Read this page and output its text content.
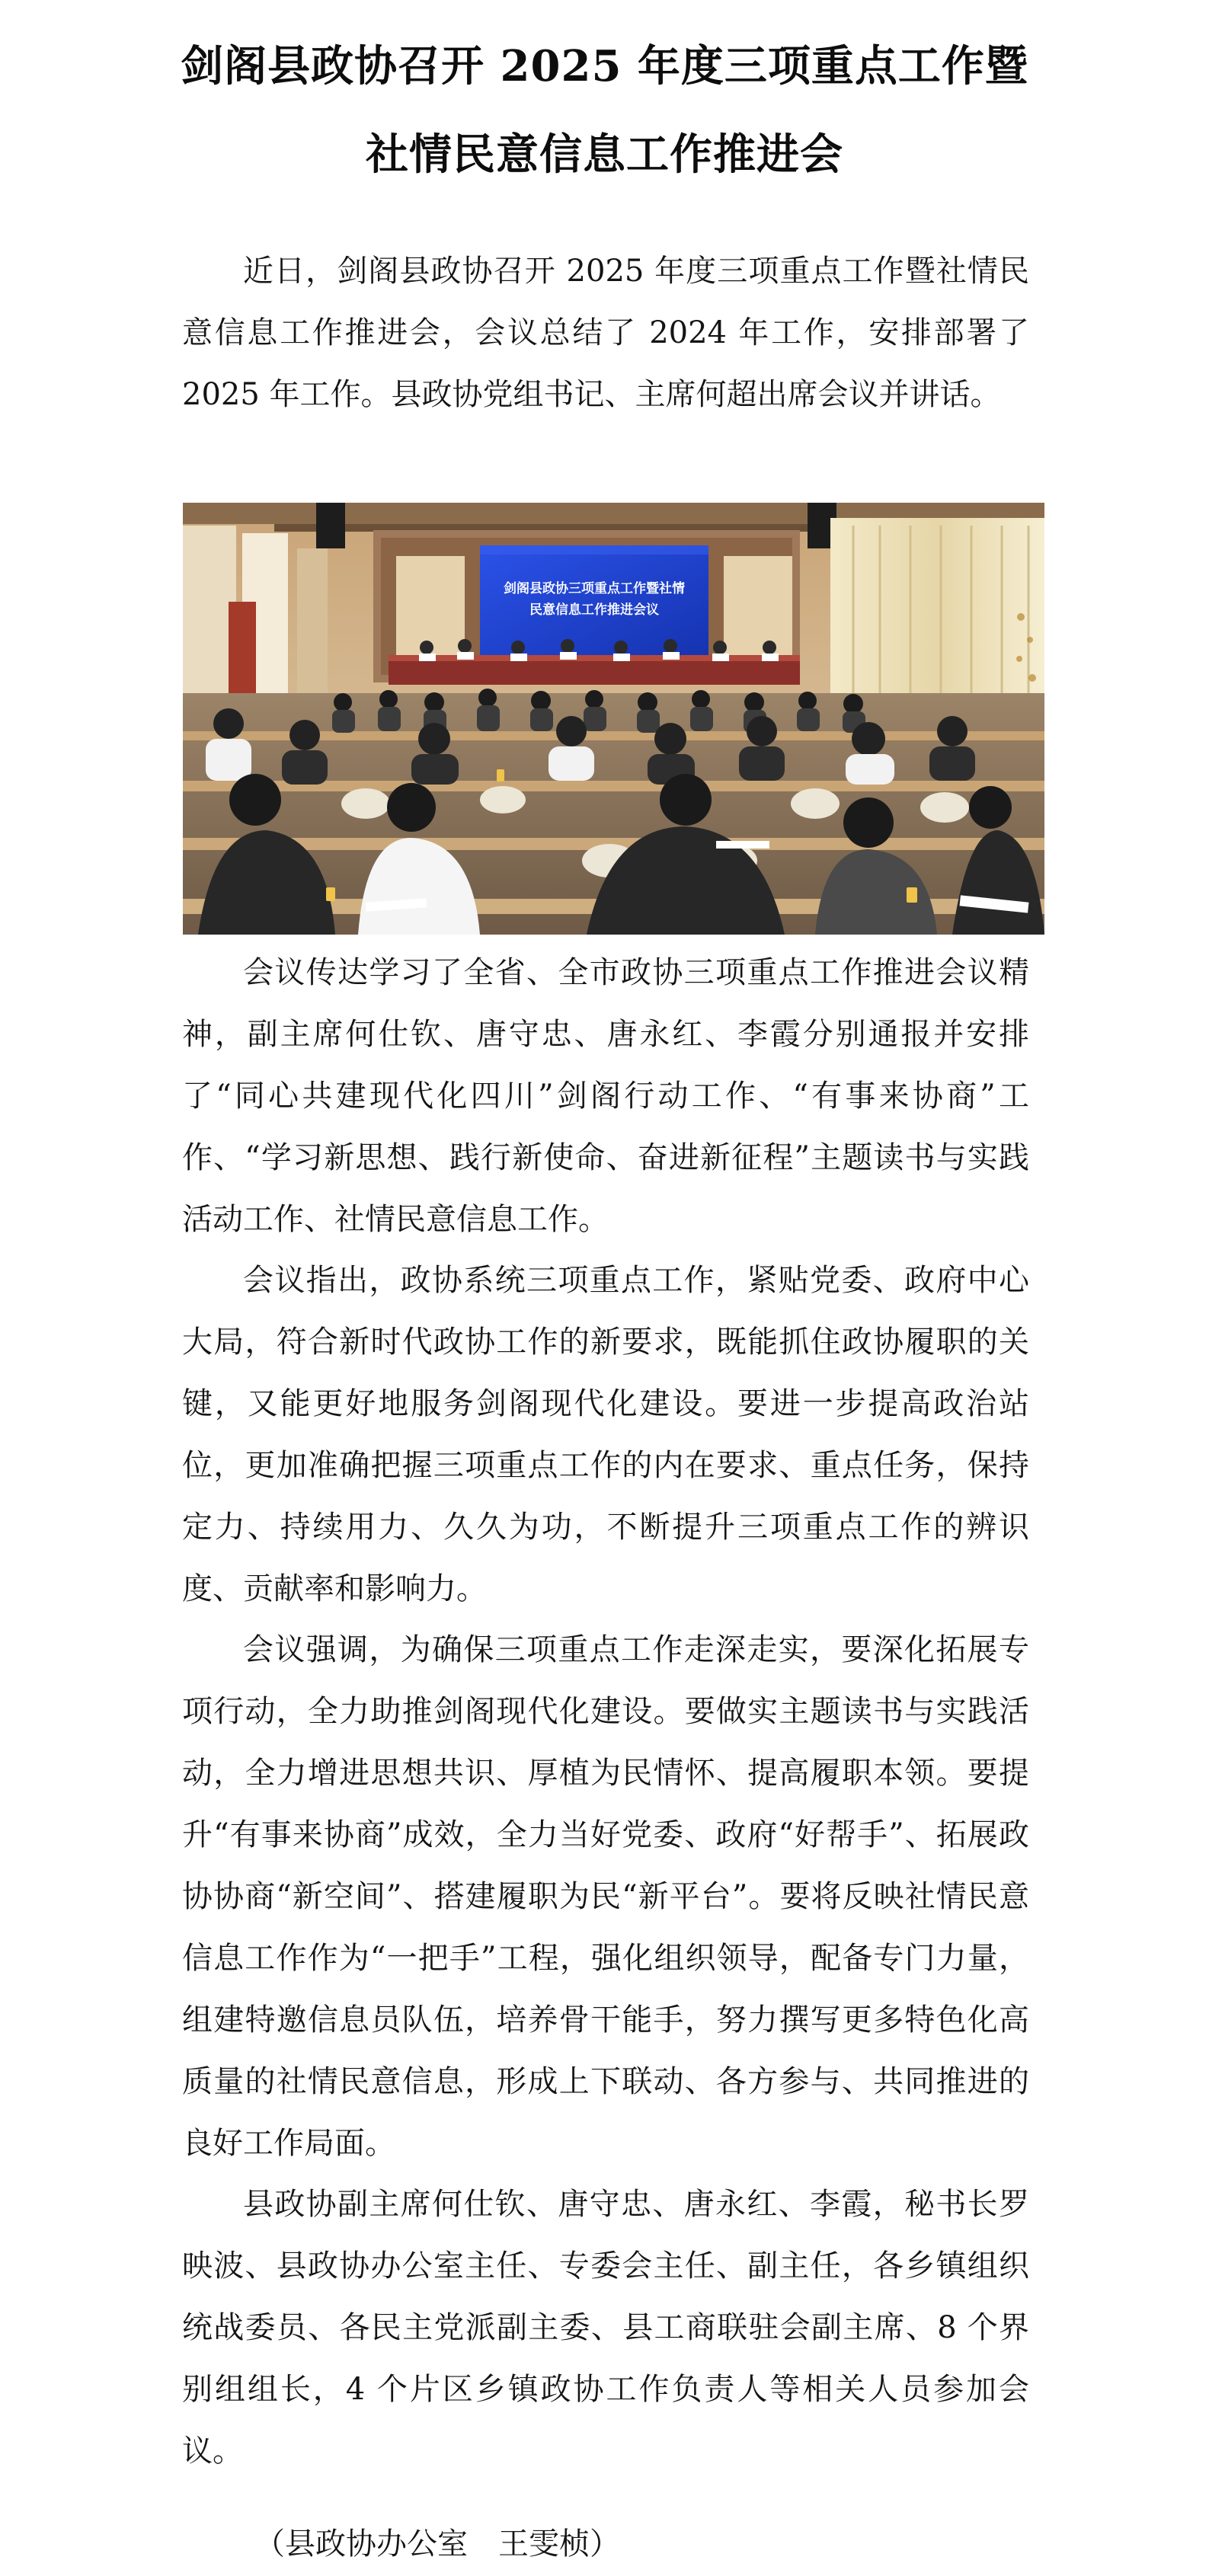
剑阁县政协召开 2025 年度三项重点工作暨
社情民意信息工作推进会

近日，剑阁县政协召开 2025 年度三项重点工作暨社情民意信息工作推进会，会议总结了 2024 年工作，安排部署了 2025 年工作。县政协党组书记、主席何超出席会议并讲话。

剑阁县政协三项重点工作暨社情
民意信息工作推进会议

会议传达学习了全省、全市政协三项重点工作推进会议精神，副主席何仕钦、唐守忠、唐永红、李霞分别通报并安排了“同心共建现代化四川”剑阁行动工作、“有事来协商”工作、“学习新思想、践行新使命、奋进新征程”主题读书与实践活动工作、社情民意信息工作。

会议指出，政协系统三项重点工作，紧贴党委、政府中心大局，符合新时代政协工作的新要求，既能抓住政协履职的关键，又能更好地服务剑阁现代化建设。要进一步提高政治站位，更加准确把握三项重点工作的内在要求、重点任务，保持定力、持续用力、久久为功，不断提升三项重点工作的辨识度、贡献率和影响力。

会议强调，为确保三项重点工作走深走实，要深化拓展专项行动，全力助推剑阁现代化建设。要做实主题读书与实践活动，全力增进思想共识、厚植为民情怀、提高履职本领。要提升“有事来协商”成效，全力当好党委、政府“好帮手”、拓展政协协商“新空间”、搭建履职为民“新平台”。要将反映社情民意信息工作作为“一把手”工程，强化组织领导，配备专门力量，组建特邀信息员队伍，培养骨干能手，努力撰写更多特色化高质量的社情民意信息，形成上下联动、各方参与、共同推进的良好工作局面。

县政协副主席何仕钦、唐守忠、唐永红、李霞，秘书长罗映波、县政协办公室主任、专委会主任、副主任，各乡镇组织统战委员、各民主党派副主委、县工商联驻会副主席、8 个界别组组长，4 个片区乡镇政协工作负责人等相关人员参加会议。

（县政协办公室　王雯桢）
